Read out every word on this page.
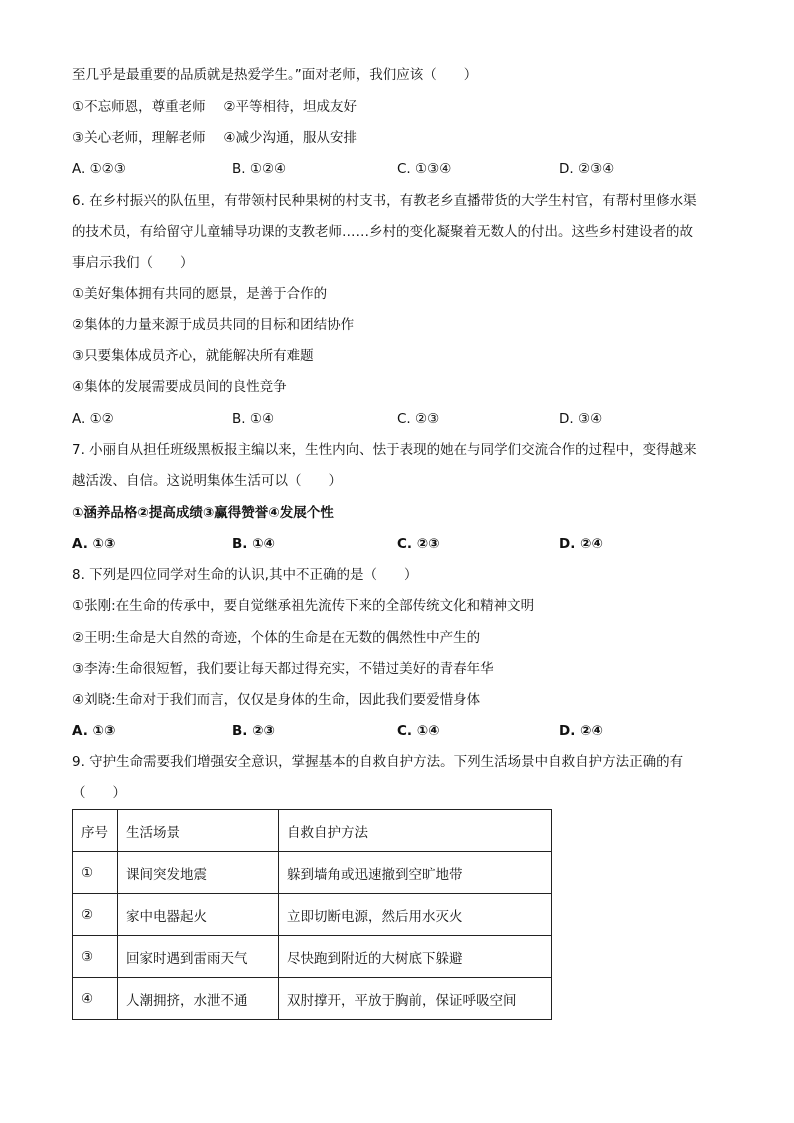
至几乎是最重要的品质就是热爱学生。”面对老师，我们应该（　　）
①不忘师恩，尊重老师　 ②平等相待，坦成友好
③关心老师，理解老师　 ④减少沟通，服从安排
A. ①②③	B. ①②④	C. ①③④	D. ②③④
6. 在乡村振兴的队伍里，有带领村民种果树的村支书，有教老乡直播带货的大学生村官，有帮村里修水渠
的技术员，有给留守儿童辅导功课的支教老师……乡村的变化凝聚着无数人的付出。这些乡村建设者的故
事启示我们（　　）
①美好集体拥有共同的愿景，是善于合作的
②集体的力量来源于成员共同的目标和团结协作
③只要集体成员齐心，就能解决所有难题
④集体的发展需要成员间的良性竞争
A. ①②	B. ①④	C. ②③	D. ③④
7. 小丽自从担任班级黑板报主编以来，生性内向、怯于表现的她在与同学们交流合作的过程中，变得越来
越活泼、自信。这说明集体生活可以（　　）
①涵养品格②提高成绩③赢得赞誉④发展个性
A. ①③	B. ①④	C. ②③	D. ②④
8. 下列是四位同学对生命的认识,其中不正确的是（　　）
①张刚:在生命的传承中，要自觉继承祖先流传下来的全部传统文化和精神文明
②王明:生命是大自然的奇迹，个体的生命是在无数的偶然性中产生的
③李涛:生命很短暂，我们要让每天都过得充实，不错过美好的青春年华
④刘晓:生命对于我们而言，仅仅是身体的生命，因此我们要爱惜身体
A. ①③	B. ②③	C. ①④	D. ②④
9. 守护生命需要我们增强安全意识，掌握基本的自救自护方法。下列生活场景中自救自护方法正确的有
（　　）
序号	生活场景	自救自护方法
①	课间突发地震	躲到墙角或迅速撤到空旷地带
②	家中电器起火	立即切断电源，然后用水灭火
③	回家时遇到雷雨天气	尽快跑到附近的大树底下躲避
④	人潮拥挤，水泄不通	双肘撑开，平放于胸前，保证呼吸空间
